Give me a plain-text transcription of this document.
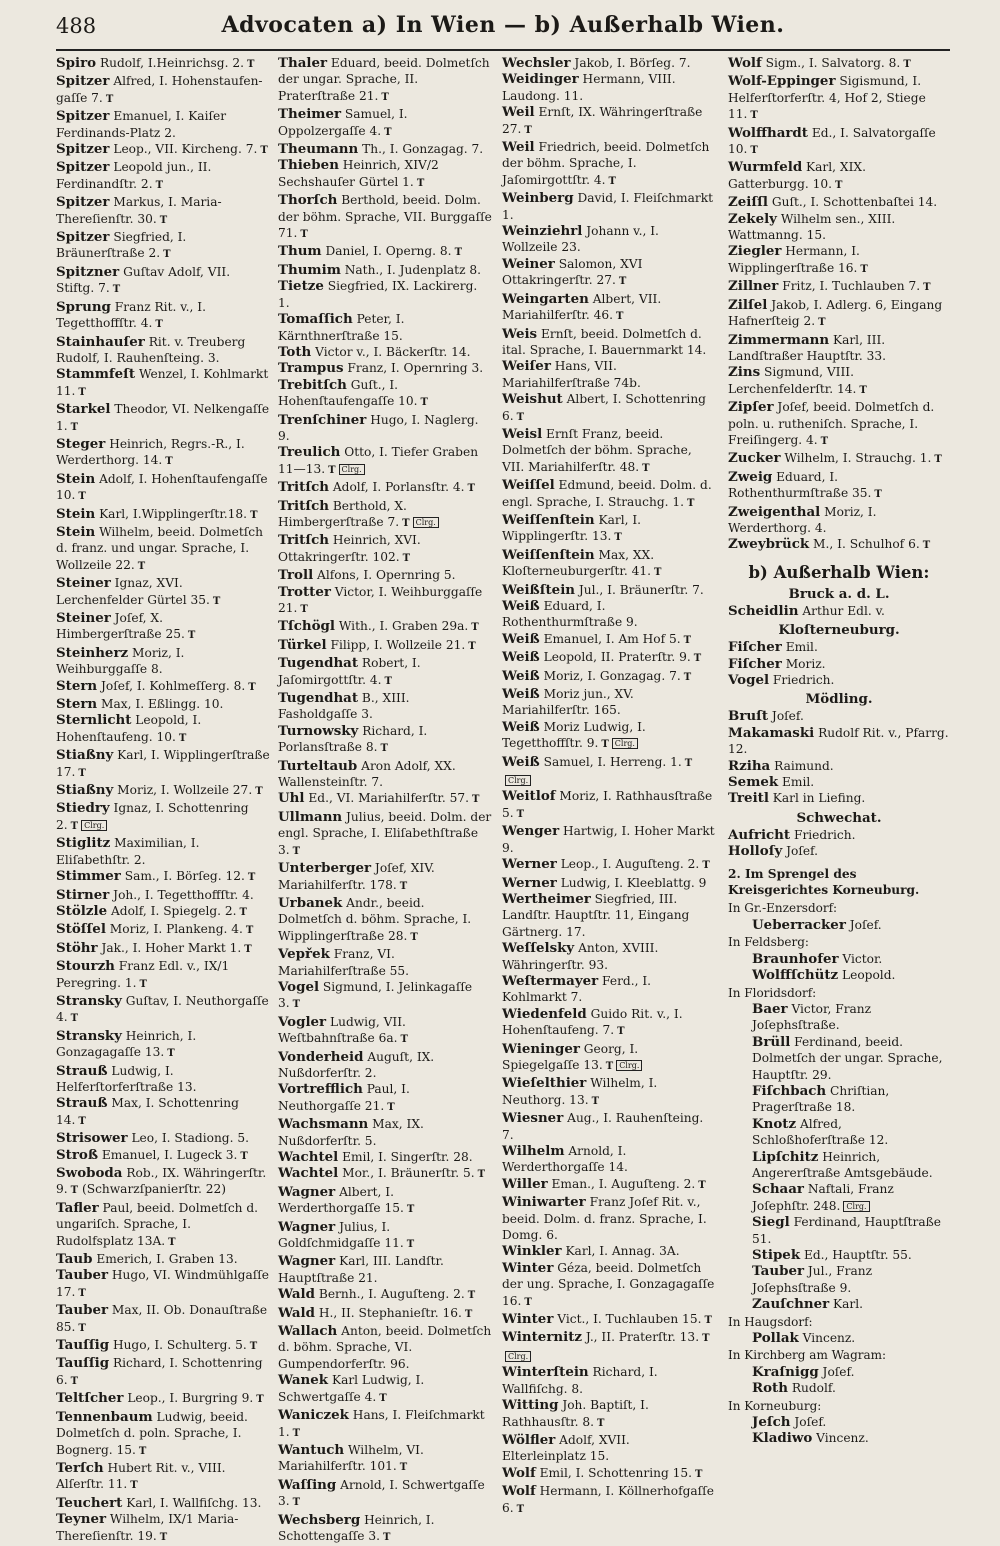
488	Advocaten a) In Wien — b) Außerhalb Wien.
Spiro Rudolf, I.Heinrichsg. 2. T
Spitzer Alfred, I. Hohenstaufen-gaſſe 7. T
Spitzer Emanuel, I. Kaiſer Ferdinands-Platz 2.
Spitzer Leop., VII. Kircheng. 7. T
Spitzer Leopold jun., II. Ferdinandſtr. 2. T
Spitzer Markus, I. Maria-Thereſienſtr. 30. T
Spitzer Siegfried, I. Bräunerſtraße 2. T
Spitzner Guſtav Adolf, VII. Stiftg. 7. T
Sprung Franz Rit. v., I. Tegetthoffſtr. 4. T
Stainhauſer Rit. v. Treuberg Rudolf, I. Rauhenſteing. 3.
Stammfeſt Wenzel, I. Kohlmarkt 11. T
Starkel Theodor, VI. Nelkengaſſe 1. T
Steger Heinrich, Regrs.-R., I. Werderthorg. 14. T
Stein Adolf, I. Hohenſtaufengaſſe 10. T
Stein Karl, I.Wipplingerſtr.18. T
Stein Wilhelm, beeid. Dolmetſch d. franz. und ungar. Sprache, I. Wollzeile 22. T
Steiner Ignaz, XVI. Lerchenfelder Gürtel 35. T
Steiner Joſef, X. Himbergerſtraße 25. T
Steinherz Moriz, I. Weihburggaſſe 8.
Stern Joſef, I. Kohlmeſſerg. 8. T
Stern Max, I. Eßlingg. 10.
Sternlicht Leopold, I. Hohenſtaufeng. 10. T
Stiaßny Karl, I. Wipplingerſtraße 17. T
Stiaßny Moriz, I. Wollzeile 27. T
Stiedry Ignaz, I. Schottenring 2. T Clrg.
Stiglitz Maximilian, I. Eliſabethſtr. 2.
Stimmer Sam., I. Börſeg. 12. T
Stirner Joh., I. Tegetthoffſtr. 4.
Stölzle Adolf, I. Spiegelg. 2. T
Stöſſel Moriz, I. Plankeng. 4. T
Stöhr Jak., I. Hoher Markt 1. T
Stourzh Franz Edl. v., IX/1 Peregring. 1. T
Stransky Guſtav, I. Neuthorgaſſe 4. T
Stransky Heinrich, I. Gonzagagaſſe 13. T
Strauß Ludwig, I. Helferſtorferſtraße 13.
Strauß Max, I. Schottenring 14. T
Strisower Leo, I. Stadiong. 5.
Stroß Emanuel, I. Lugeck 3. T
Swoboda Rob., IX. Währingerſtr. 9. T (Schwarzſpanierſtr. 22)
Tafler Paul, beeid. Dolmetſch d. ungariſch. Sprache, I. Rudolfsplatz 13A. T
Taub Emerich, I. Graben 13.
Tauber Hugo, VI. Windmühlgaſſe 17. T
Tauber Max, II. Ob. Donauſtraße 85. T
Tauſſig Hugo, I. Schulterg. 5. T
Tauſſig Richard, I. Schottenring 6. T
Teltſcher Leop., I. Burgring 9. T
Tennenbaum Ludwig, beeid. Dolmetſch d. poln. Sprache, I. Bognerg. 15. T
Terſch Hubert Rit. v., VIII. Alſerſtr. 11. T
Teuchert Karl, I. Wallfiſchg. 13.
Teyner Wilhelm, IX/1 Maria-Thereſienſtr. 19. T
Thaler Eduard, beeid. Dolmetſch der ungar. Sprache, II. Praterſtraße 21. T
Theimer Samuel, I. Oppolzergaſſe 4. T
Theumann Th., I. Gonzagag. 7.
Thieben Heinrich, XIV/2 Sechshauſer Gürtel 1. T
Thorſch Berthold, beeid. Dolm. der böhm. Sprache, VII. Burggaſſe 71. T
Thum Daniel, I. Operng. 8. T
Thumim Nath., I. Judenplatz 8.
Tietze Siegfried, IX. Lackirerg. 1.
Tomaſſich Peter, I. Kärnthnerſtraße 15.
Toth Victor v., I. Bäckerſtr. 14.
Trampus Franz, I. Opernring 3.
Trebitſch Guſt., I. Hohenſtaufengaſſe 10. T
Trenſchiner Hugo, I. Naglerg. 9.
Treulich Otto, I. Tiefer Graben 11—13. T Clrg.
Tritſch Adolf, I. Porlansſtr. 4. T
Tritſch Berthold, X. Himbergerſtraße 7. T Clrg.
Tritſch Heinrich, XVI. Ottakringerſtr. 102. T
Troll Alfons, I. Opernring 5.
Trotter Victor, I. Weihburggaſſe 21. T
Tſchögl With., I. Graben 29a. T
Türkel Filipp, I. Wollzeile 21. T
Tugendhat Robert, I. Jaſomirgottſtr. 4. T
Tugendhat B., XIII. Fasholdgaſſe 3.
Turnowsky Richard, I. Porlansſtraße 8. T
Turteltaub Aron Adolf, XX. Wallensteinſtr. 7.
Uhl Ed., VI. Mariahilferſtr. 57. T
Ullmann Julius, beeid. Dolm. der engl. Sprache, I. Eliſabethſtraße 3. T
Unterberger Joſef, XIV. Mariahilferſtr. 178. T
Urbanek Andr., beeid. Dolmetſch d. böhm. Sprache, I. Wipplingerſtraße 28. T
Vepřek Franz, VI. Mariahilferſtraße 55.
Vogel Sigmund, I. Jelinkagaſſe 3. T
Vogler Ludwig, VII. Weſtbahnſtraße 6a. T
Vonderheid Auguſt, IX. Nußdorferſtr. 2.
Vortrefflich Paul, I. Neuthorgaſſe 21. T
Wachsmann Max, IX. Nußdorferſtr. 5.
Wachtel Emil, I. Singerſtr. 28.
Wachtel Mor., I. Bräunerſtr. 5. T
Wagner Albert, I. Werderthorgaſſe 15. T
Wagner Julius, I. Goldſchmidgaſſe 11. T
Wagner Karl, III. Landſtr. Hauptſtraße 21.
Wald Bernh., I. Auguſteng. 2. T
Wald H., II. Stephanieſtr. 16. T
Wallach Anton, beeid. Dolmetſch d. böhm. Sprache, VI. Gumpendorferſtr. 96.
Wanek Karl Ludwig, I. Schwertgaſſe 4. T
Waniczek Hans, I. Fleiſchmarkt 1. T
Wantuch Wilhelm, VI. Mariahilferſtr. 101. T
Waſſing Arnold, I. Schwertgaſſe 3. T
Wechsberg Heinrich, I. Schottengaſſe 3. T
Wechsler Jakob, I. Börſeg. 7.
Weidinger Hermann, VIII. Laudong. 11.
Weil Ernſt, IX. Währingerſtraße 27. T
Weil Friedrich, beeid. Dolmetſch der böhm. Sprache, I. Jaſomirgottſtr. 4. T
Weinberg David, I. Fleiſchmarkt 1.
Weinziehrl Johann v., I. Wollzeile 23.
Weiner Salomon, XVI Ottakringerſtr. 27. T
Weingarten Albert, VII. Mariahilferſtr. 46. T
Weis Ernſt, beeid. Dolmetſch d. ital. Sprache, I. Bauernmarkt 14.
Weiſer Hans, VII. Mariahilferſtraße 74b.
Weishut Albert, I. Schottenring 6. T
Weisl Ernſt Franz, beeid. Dolmetſch der böhm. Sprache, VII. Mariahilferſtr. 48. T
Weiſſel Edmund, beeid. Dolm. d. engl. Sprache, I. Strauchg. 1. T
Weiſſenſtein Karl, I. Wipplingerſtr. 13. T
Weiſſenſtein Max, XX. Kloſterneuburgerſtr. 41. T
Weißſtein Jul., I. Bräunerſtr. 7.
Weiß Eduard, I. Rothenthurmſtraße 9.
Weiß Emanuel, I. Am Hof 5. T
Weiß Leopold, II. Praterſtr. 9. T
Weiß Moriz, I. Gonzagag. 7. T
Weiß Moriz jun., XV. Mariahilferſtr. 165.
Weiß Moriz Ludwig, I. Tegetthoffſtr. 9. T Clrg.
Weiß Samuel, I. Herreng. 1. TClrg.
Weitlof Moriz, I. Rathhausſtraße 5. T
Wenger Hartwig, I. Hoher Markt 9.
Werner Leop., I. Auguſteng. 2. T
Werner Ludwig, I. Kleeblattg. 9
Wertheimer Siegfried, III. Landſtr. Hauptſtr. 11, Eingang Gärtnerg. 17.
Weſſelsky Anton, XVIII. Währingerſtr. 93.
Weſtermayer Ferd., I. Kohlmarkt 7.
Wiedenfeld Guido Rit. v., I. Hohenſtaufeng. 7. T
Wieninger Georg, I. Spiegelgaſſe 13. T Clrg.
Wieſelthier Wilhelm, I. Neuthorg. 13. T
Wiesner Aug., I. Rauhenſteing. 7.
Wilhelm Arnold, I. Werderthorgaſſe 14.
Willer Eman., I. Auguſteng. 2. T
Winiwarter Franz Joſef Rit. v., beeid. Dolm. d. franz. Sprache, I. Domg. 6.
Winkler Karl, I. Annag. 3A.
Winter Géza, beeid. Dolmetſch der ung. Sprache, I. Gonzagagaſſe 16. T
Winter Vict., I. Tuchlauben 15. T
Winternitz J., II. Praterſtr. 13. TClrg.
Winterſtein Richard, I. Wallfiſchg. 8.
Witting Joh. Baptiſt, I. Rathhausſtr. 8. T
Wölfler Adolf, XVII. Elterleinplatz 15.
Wolf Emil, I. Schottenring 15. T
Wolf Hermann, I. Köllnerhofgaſſe 6. T
Wolf Sigm., I. Salvatorg. 8. T
Wolf-Eppinger Sigismund, I. Helferſtorferſtr. 4, Hof 2, Stiege 11. T
Wolffhardt Ed., I. Salvatorgaſſe 10. T
Wurmfeld Karl, XIX. Gatterburgg. 10. T
Zeiſſl Guſt., I. Schottenbaſtei 14.
Zekely Wilhelm sen., XIII. Wattmanng. 15.
Ziegler Hermann, I. Wipplingerſtraße 16. T
Zillner Fritz, I. Tuchlauben 7. T
Zilſel Jakob, I. Adlerg. 6, Eingang Hafnerſteig 2. T
Zimmermann Karl, III. Landſtraßer Hauptſtr. 33.
Zins Sigmund, VIII. Lerchenfelderſtr. 14. T
Zipſer Joſef, beeid. Dolmetſch d. poln. u. rutheniſch. Sprache, I. Freiſingerg. 4. T
Zucker Wilhelm, I. Strauchg. 1. T
Zweig Eduard, I. Rothenthurmſtraße 35. T
Zweigenthal Moriz, I. Werderthorg. 4.
Zweybrück M., I. Schulhof 6. T
b) Außerhalb Wien:
Bruck a. d. L.
Scheidlin Arthur Edl. v.
Kloſterneuburg.
Fiſcher Emil.
Fiſcher Moriz.
Vogel Friedrich.
Mödling.
Bruſt Joſef.
Makamaski Rudolf Rit. v., Pfarrg. 12.
Rziha Raimund.
Semek Emil.
Treitl Karl in Liefing.
Schwechat.
Aufricht Friedrich.
Holloſy Joſef.
2. Im Sprengel des Kreisgerichtes Korneuburg.
In Gr.-Enzersdorf:
Ueberracker Joſef.
In Feldsberg:
Braunhofer Victor.
Wolffſchütz Leopold.
In Floridsdorf:
Baer Victor, Franz Joſephsſtraße.
Brüll Ferdinand, beeid. Dolmetſch der ungar. Sprache, Hauptſtr. 29.
Fiſchbach Chriſtian, Pragerſtraße 18.
Knotz Alfred, Schloßhoferſtraße 12.
Lipſchitz Heinrich, Angererſtraße Amtsgebäude.
Schaar Naftali, Franz Joſephſtr. 248. Clrg.
Siegl Ferdinand, Hauptſtraße 51.
Stipek Ed., Hauptſtr. 55.
Tauber Jul., Franz Joſephsſtraße 9.
Zauſchner Karl.
In Haugsdorf:
Pollak Vincenz.
In Kirchberg am Wagram:
Kraſnigg Joſef.
Roth Rudolf.
In Korneuburg:
Jeſch Joſef.
Kladiwo Vincenz.
